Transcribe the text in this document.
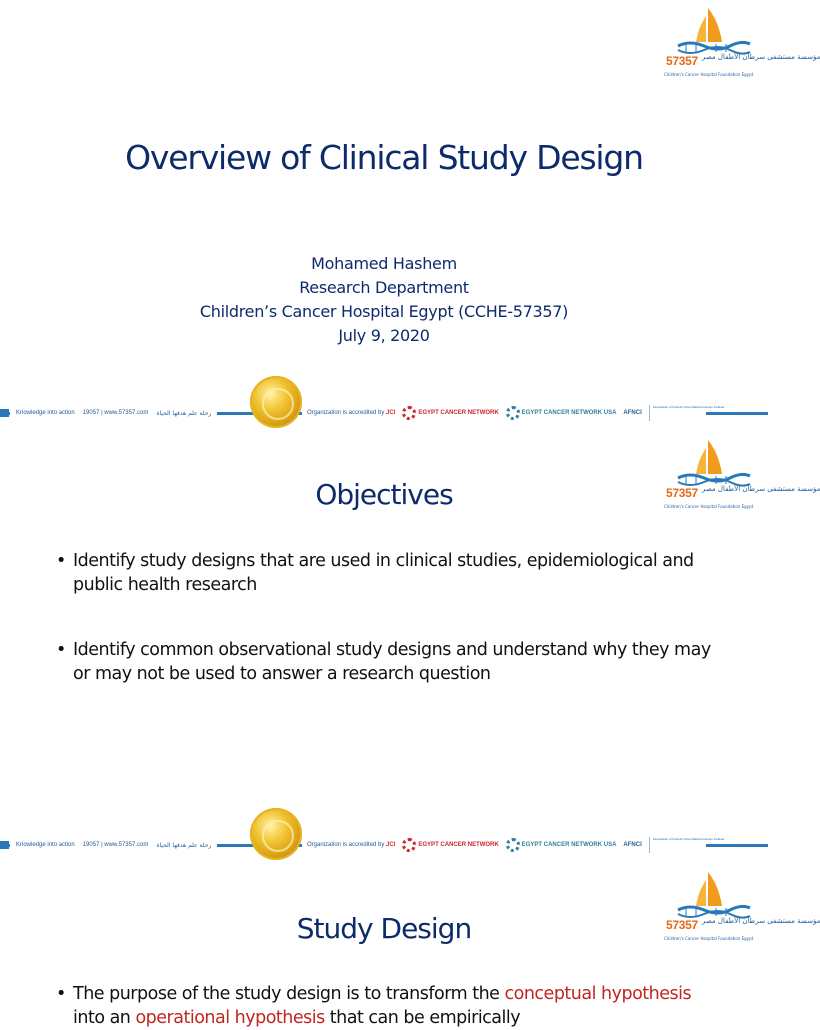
57357 مؤسسة مستشفى سرطان الأطفال مصر
Children's Cancer Hospital Foundation Egypt
Overview of Clinical Study Design
Mohamed Hashem
Research Department
Children’s Cancer Hospital Egypt (CCHE-57357)
July 9, 2020
Knowledge into action 19057 | www.57357.com رحلة علم هدفها الحياة	Organization is accredited by JCI	EGYPT CANCER NETWORK	EGYPT CANCER NETWORK USA AFNCI
Association of Friends of the National Cancer Institute
57357 مؤسسة مستشفى سرطان الأطفال مصر
Children's Cancer Hospital Foundation Egypt
Objectives
• Identify study designs that are used in clinical studies, epidemiological and public health research
• Identify common observational study designs and understand why they may or may not be used to answer a research question
Knowledge into action 19057 | www.57357.com رحلة علم هدفها الحياة	Organization is accredited by JCI	EGYPT CANCER NETWORK	EGYPT CANCER NETWORK USA AFNCI
Association of Friends of the National Cancer Institute
57357 مؤسسة مستشفى سرطان الأطفال مصر
Children's Cancer Hospital Foundation Egypt
Study Design
• The purpose of the study design is to transform the conceptual hypothesis into an operational hypothesis that can be empirically
